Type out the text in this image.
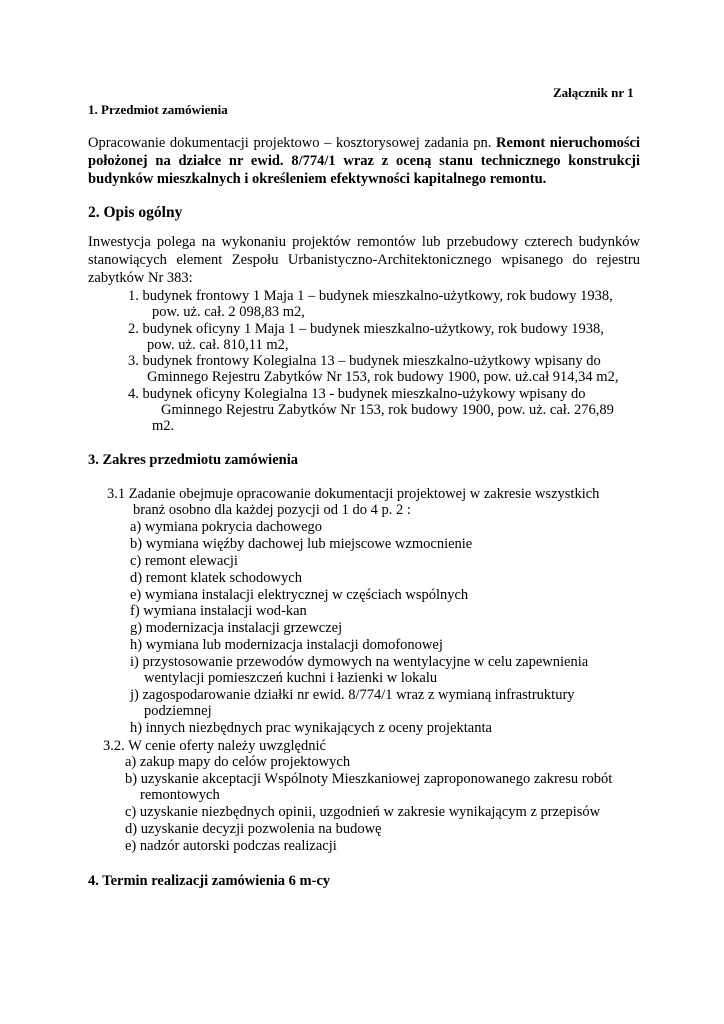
Załącznik nr 1
1. Przedmiot zamówienia
Opracowanie dokumentacji projektowo – kosztorysowej zadania pn. Remont nieruchomości
położonej na działce nr ewid. 8/774/1 wraz z oceną stanu technicznego konstrukcji
budynków mieszkalnych i określeniem efektywności kapitalnego remontu.
2. Opis ogólny
Inwestycja polega na wykonaniu projektów remontów lub przebudowy czterech budynków
stanowiących element Zespołu Urbanistyczno-Architektonicznego wpisanego do rejestru
zabytków Nr 383:
1. budynek frontowy 1 Maja 1 – budynek mieszkalno-użytkowy, rok budowy 1938,
pow. uż. cał. 2 098,83 m2,
2. budynek oficyny 1 Maja 1 – budynek mieszkalno-użytkowy, rok budowy 1938,
pow. uż. cał. 810,11 m2,
3. budynek frontowy Kolegialna 13 – budynek mieszkalno-użytkowy wpisany do
Gminnego Rejestru Zabytków Nr 153, rok budowy 1900, pow. uż.cał 914,34 m2,
4. budynek oficyny Kolegialna 13 - budynek mieszkalno-użykowy wpisany do
Gminnego Rejestru Zabytków Nr 153, rok budowy 1900, pow. uż. cał. 276,89
m2.
3. Zakres przedmiotu zamówienia
3.1 Zadanie obejmuje opracowanie dokumentacji projektowej w zakresie wszystkich
branż osobno dla każdej pozycji od 1 do 4 p. 2 :
a) wymiana pokrycia dachowego
b) wymiana więźby dachowej lub miejscowe wzmocnienie
c) remont elewacji
d) remont klatek schodowych
e) wymiana instalacji elektrycznej w częściach wspólnych
f) wymiana instalacji wod-kan
g) modernizacja instalacji grzewczej
h) wymiana lub modernizacja instalacji domofonowej
i) przystosowanie przewodów dymowych na wentylacyjne w celu zapewnienia
wentylacji pomieszczeń kuchni i łazienki w lokalu
j) zagospodarowanie działki nr ewid. 8/774/1 wraz z wymianą infrastruktury
podziemnej
h) innych niezbędnych prac wynikających z oceny projektanta
3.2. W cenie oferty należy uwzględnić
a) zakup mapy do celów projektowych
b) uzyskanie akceptacji Wspólnoty Mieszkaniowej zaproponowanego zakresu robót
remontowych
c) uzyskanie niezbędnych opinii, uzgodnień w zakresie wynikającym z przepisów
d) uzyskanie decyzji pozwolenia na budowę
e) nadzór autorski podczas realizacji
4. Termin realizacji zamówienia 6 m-cy
